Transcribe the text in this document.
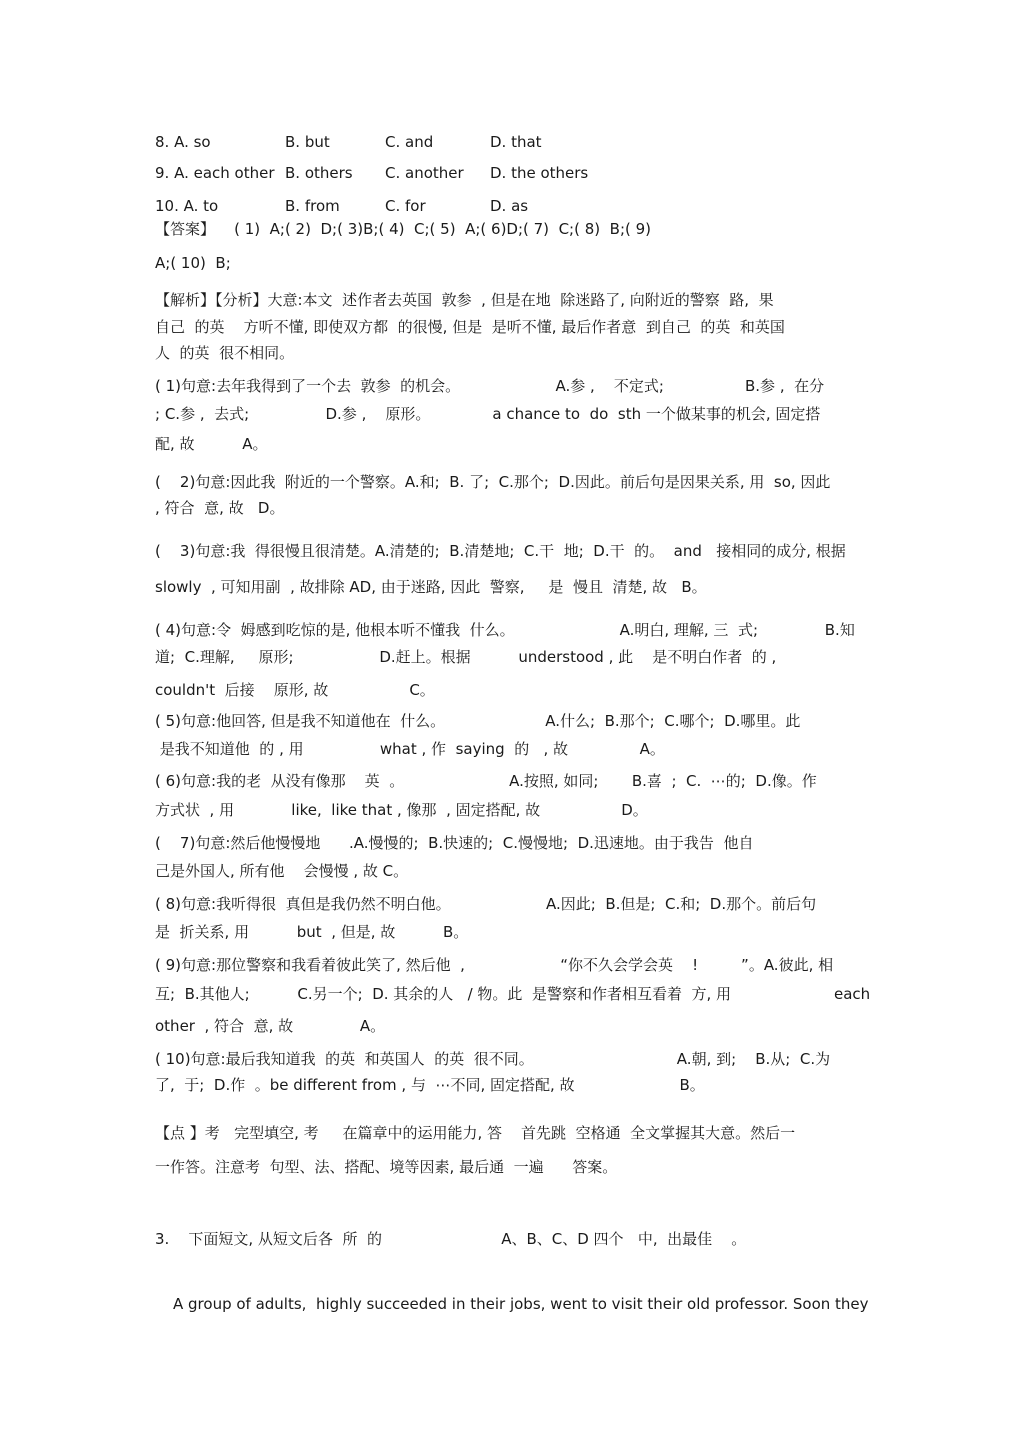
8. A. so	B. but	C. and	D. that
9. A. each other B. others C. another D. the others
10. A. to	B. from	C. for	D. as
【答案】    ( 1)  A;( 2)  D;( 3)B;( 4)  C;( 5)  A;( 6)D;( 7)  C;( 8)  B;( 9)
A;( 10)  B;
【解析】【分析】大意:本文  述作者去英国  敦参  , 但是在地  除迷路了, 向附近的警察  路,  果
自己  的英    方听不懂, 即使双方都  的很慢, 但是  是听不懂, 最后作者意  到自己  的英  和英国
人  的英  很不相同。
( 1)句意:去年我得到了一个去  敦参  的机会。                    A.参 ,    不定式;                 B.参 ,  在分
; C.参 ,  去式;                D.参 ,    原形。             a chance to  do  sth 一个做某事的机会, 固定搭
配, 故          A。
(    2)句意:因此我  附近的一个警察。A.和;  B. 了;  C.那个;  D.因此。前后句是因果关系, 用  so, 因此
, 符合  意, 故   D。
(    3)句意:我  得很慢且很清楚。A.清楚的;  B.清楚地;  C.干  地;  D.干  的。  and   接相同的成分, 根据
slowly  , 可知用副  , 故排除 AD, 由于迷路, 因此  警察,     是  慢且  清楚, 故   B。
( 4)句意:令  姆感到吃惊的是, 他根本听不懂我  什么。                      A.明白, 理解, 三  式;              B.知
道;  C.理解,     原形;                  D.赶上。根据          understood , 此    是不明白作者  的 ,
couldn't  后接    原形, 故                 C。
( 5)句意:他回答, 但是我不知道他在  什么。                     A.什么;  B.那个;  C.哪个;  D.哪里。此
是我不知道他  的 , 用                what , 作  saying  的   , 故               A。
( 6)句意:我的老  从没有像那    英  。                      A.按照, 如同;       B.喜  ;  C.  ⋯的;  D.像。作
方式状  , 用            like,  like that , 像那  , 固定搭配, 故                 D。
(    7)句意:然后他慢慢地      .A.慢慢的;  B.快速的;  C.慢慢地;  D.迅速地。由于我告  他自
己是外国人, 所有他    会慢慢 , 故 C。
( 8)句意:我听得很  真但是我仍然不明白他。                    A.因此;  B.但是;  C.和;  D.那个。前后句
是  折关系, 用          but  , 但是, 故          B。
( 9)句意:那位警察和我看着彼此笑了, 然后他  ,                    “你不久会学会英    !         ”。A.彼此, 相
互;  B.其他人;          C.另一个;  D. 其余的人   / 物。此  是警察和作者相互看着  方, 用	each
other  , 符合  意, 故              A。
( 10)句意:最后我知道我  的英  和英国人  的英  很不同。                              A.朝, 到;    B.从;  C.为
了,  于;  D.作  。be different from , 与  ⋯不同, 固定搭配, 故                      B。
【点 】考   完型填空, 考     在篇章中的运用能力, 答    首先跳  空格通  全文掌握其大意。然后一
一作答。注意考  句型、法、搭配、境等因素, 最后通  一遍      答案。
3.    下面短文, 从短文后各  所  的                         A、B、C、D 四个   中,  出最佳    。
A group of adults,  highly succeeded in their jobs, went to visit their old professor. Soon they
